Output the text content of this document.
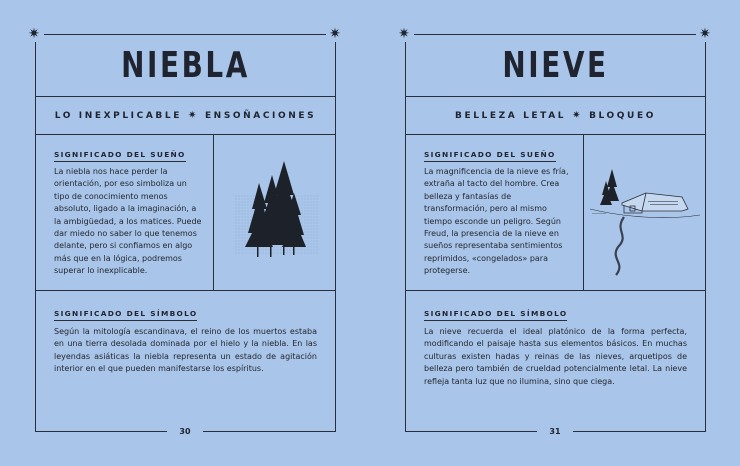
✷	✷
NIEBLA
LO INEXPLICABLE ✷ ENSOÑACIONES
SIGNIFICADO DEL SUEÑO
La niebla nos hace perder la orientación, por eso simboliza un tipo de conocimiento menos absoluto, ligado a la imaginación, a la ambigüedad, a los matices. Puede dar miedo no saber lo que tenemos delante, pero si confiamos en algo más que en la lógica, podremos superar lo inexplicable.
SIGNIFICADO DEL SÍMBOLO
Según la mitología escandinava, el reino de los muertos estaba en una tierra desolada dominada por el hielo y la niebla. En las leyendas asiáticas la niebla representa un estado de agitación interior en el que pueden manifestarse los espíritus.
30
✷	✷
NIEVE
BELLEZA LETAL ✷ BLOQUEO
SIGNIFICADO DEL SUEÑO
La magnificencia de la nieve es fría, extraña al tacto del hombre. Crea belleza y fantasías de transformación, pero al mismo tiempo esconde un peligro. Según Freud, la presencia de la nieve en sueños representaba sentimientos reprimidos, «congelados» para protegerse.
SIGNIFICADO DEL SÍMBOLO
La nieve recuerda el ideal platónico de la forma perfecta, modificando el paisaje hasta sus elementos básicos. En muchas culturas existen hadas y reinas de las nieves, arquetipos de belleza pero también de crueldad potencialmente letal. La nieve refleja tanta luz que no ilumina, sino que ciega.
31
